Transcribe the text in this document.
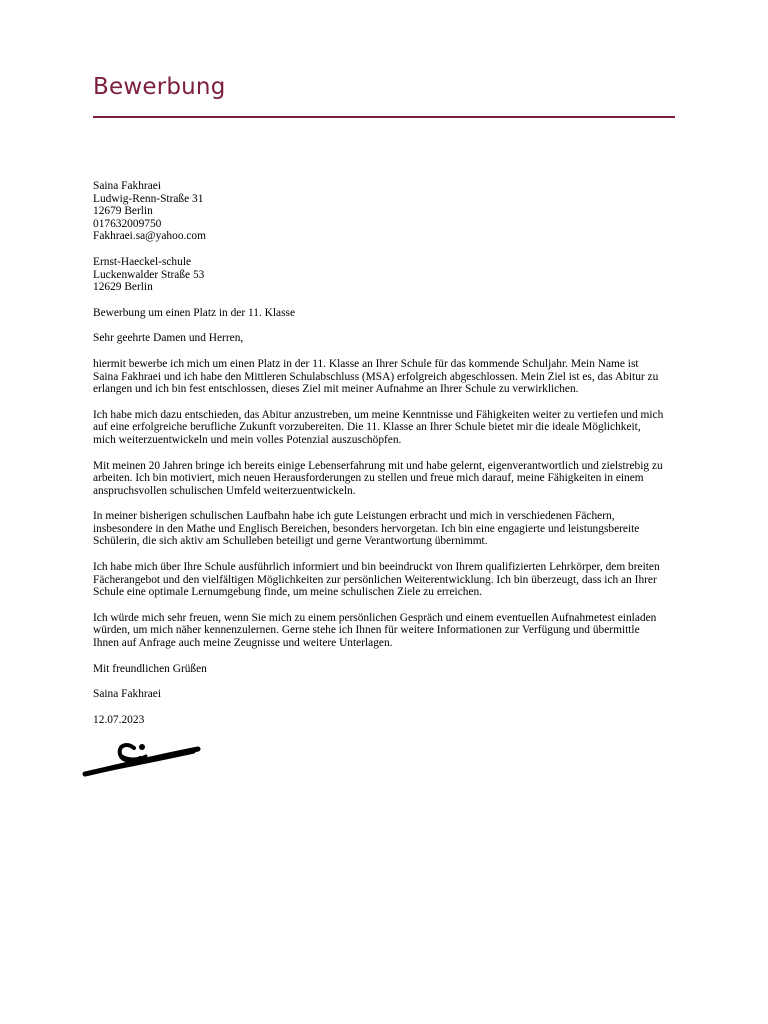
Bewerbung
Saina Fakhraei
Ludwig-Renn-Straße 31
12679 Berlin
017632009750
Fakhraei.sa@yahoo.com
Ernst-Haeckel-schule
Luckenwalder Straße 53
12629 Berlin
Bewerbung um einen Platz in der 11. Klasse
Sehr geehrte Damen und Herren,
hiermit bewerbe ich mich um einen Platz in der 11. Klasse an Ihrer Schule für das kommende Schuljahr. Mein Name ist
Saina Fakhraei und ich habe den Mittleren Schulabschluss (MSA) erfolgreich abgeschlossen. Mein Ziel ist es, das Abitur zu
erlangen und ich bin fest entschlossen, dieses Ziel mit meiner Aufnahme an Ihrer Schule zu verwirklichen.
Ich habe mich dazu entschieden, das Abitur anzustreben, um meine Kenntnisse und Fähigkeiten weiter zu vertiefen und mich
auf eine erfolgreiche berufliche Zukunft vorzubereiten. Die 11. Klasse an Ihrer Schule bietet mir die ideale Möglichkeit,
mich weiterzuentwickeln und mein volles Potenzial auszuschöpfen.
Mit meinen 20 Jahren bringe ich bereits einige Lebenserfahrung mit und habe gelernt, eigenverantwortlich und zielstrebig zu
arbeiten. Ich bin motiviert, mich neuen Herausforderungen zu stellen und freue mich darauf, meine Fähigkeiten in einem
anspruchsvollen schulischen Umfeld weiterzuentwickeln.
In meiner bisherigen schulischen Laufbahn habe ich gute Leistungen erbracht und mich in verschiedenen Fächern,
insbesondere in den Mathe und Englisch Bereichen, besonders hervorgetan. Ich bin eine engagierte und leistungsbereite
Schülerin, die sich aktiv am Schulleben beteiligt und gerne Verantwortung übernimmt.
Ich habe mich über Ihre Schule ausführlich informiert und bin beeindruckt von Ihrem qualifizierten Lehrkörper, dem breiten
Fächerangebot und den vielfältigen Möglichkeiten zur persönlichen Weiterentwicklung. Ich bin überzeugt, dass ich an Ihrer
Schule eine optimale Lernumgebung finde, um meine schulischen Ziele zu erreichen.
Ich würde mich sehr freuen, wenn Sie mich zu einem persönlichen Gespräch und einem eventuellen Aufnahmetest einladen
würden, um mich näher kennenzulernen. Gerne stehe ich Ihnen für weitere Informationen zur Verfügung und übermittle
Ihnen auf Anfrage auch meine Zeugnisse und weitere Unterlagen.
Mit freundlichen Grüßen
Saina Fakhraei
12.07.2023
